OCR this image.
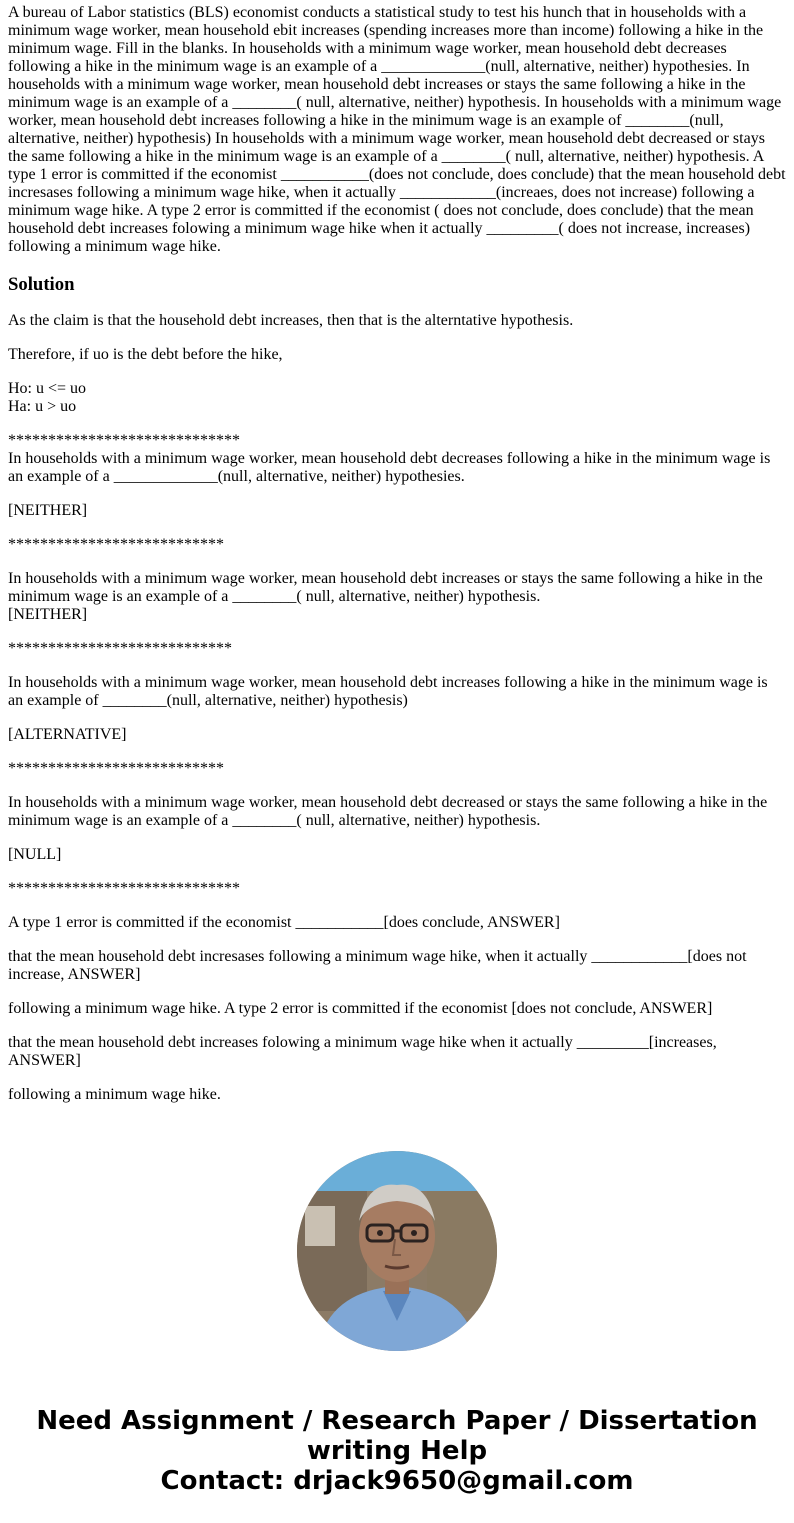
A bureau of Labor statistics (BLS) economist conducts a statistical study to test his hunch that in households with a minimum wage worker, mean household ebit increases (spending increases more than income) following a hike in the minimum wage. Fill in the blanks. In households with a minimum wage worker, mean household debt decreases following a hike in the minimum wage is an example of a _____________(null, alternative, neither) hypothesies. In households with a minimum wage worker, mean household debt increases or stays the same following a hike in the minimum wage is an example of a ________( null, alternative, neither) hypothesis. In households with a minimum wage worker, mean household debt increases following a hike in the minimum wage is an example of ________(null, alternative, neither) hypothesis) In households with a minimum wage worker, mean household debt decreased or stays the same following a hike in the minimum wage is an example of a ________( null, alternative, neither) hypothesis. A type 1 error is committed if the economist ___________(does not conclude, does conclude) that the mean household debt incresases following a minimum wage hike, when it actually ____________(increaes, does not increase) following a minimum wage hike. A type 2 error is committed if the economist ( does not conclude, does conclude) that the mean household debt increases folowing a minimum wage hike when it actually _________( does not increase, increases) following a minimum wage hike.
Solution

As the claim is that the household debt increases, then that is the alterntative hypothesis.

Therefore, if uo is the debt before the hike,

Ho: u <= uo
Ha: u > uo

*****************************
In households with a minimum wage worker, mean household debt decreases following a hike in the minimum wage is an example of a _____________(null, alternative, neither) hypothesies.

[NEITHER]

***************************

In households with a minimum wage worker, mean household debt increases or stays the same following a hike in the minimum wage is an example of a ________( null, alternative, neither) hypothesis.
[NEITHER]

****************************

In households with a minimum wage worker, mean household debt increases following a hike in the minimum wage is an example of ________(null, alternative, neither) hypothesis)

[ALTERNATIVE]

***************************

In households with a minimum wage worker, mean household debt decreased or stays the same following a hike in the minimum wage is an example of a ________( null, alternative, neither) hypothesis.

[NULL]

*****************************

A type 1 error is committed if the economist ___________[does conclude, ANSWER]

that the mean household debt incresases following a minimum wage hike, when it actually ____________[does not increase, ANSWER]

following a minimum wage hike. A type 2 error is committed if the economist [does not conclude, ANSWER]

that the mean household debt increases folowing a minimum wage hike when it actually _________[increases, ANSWER]

following a minimum wage hike.

Need Assignment / Research Paper / Dissertation writing Help
Contact: drjack9650@gmail.com
